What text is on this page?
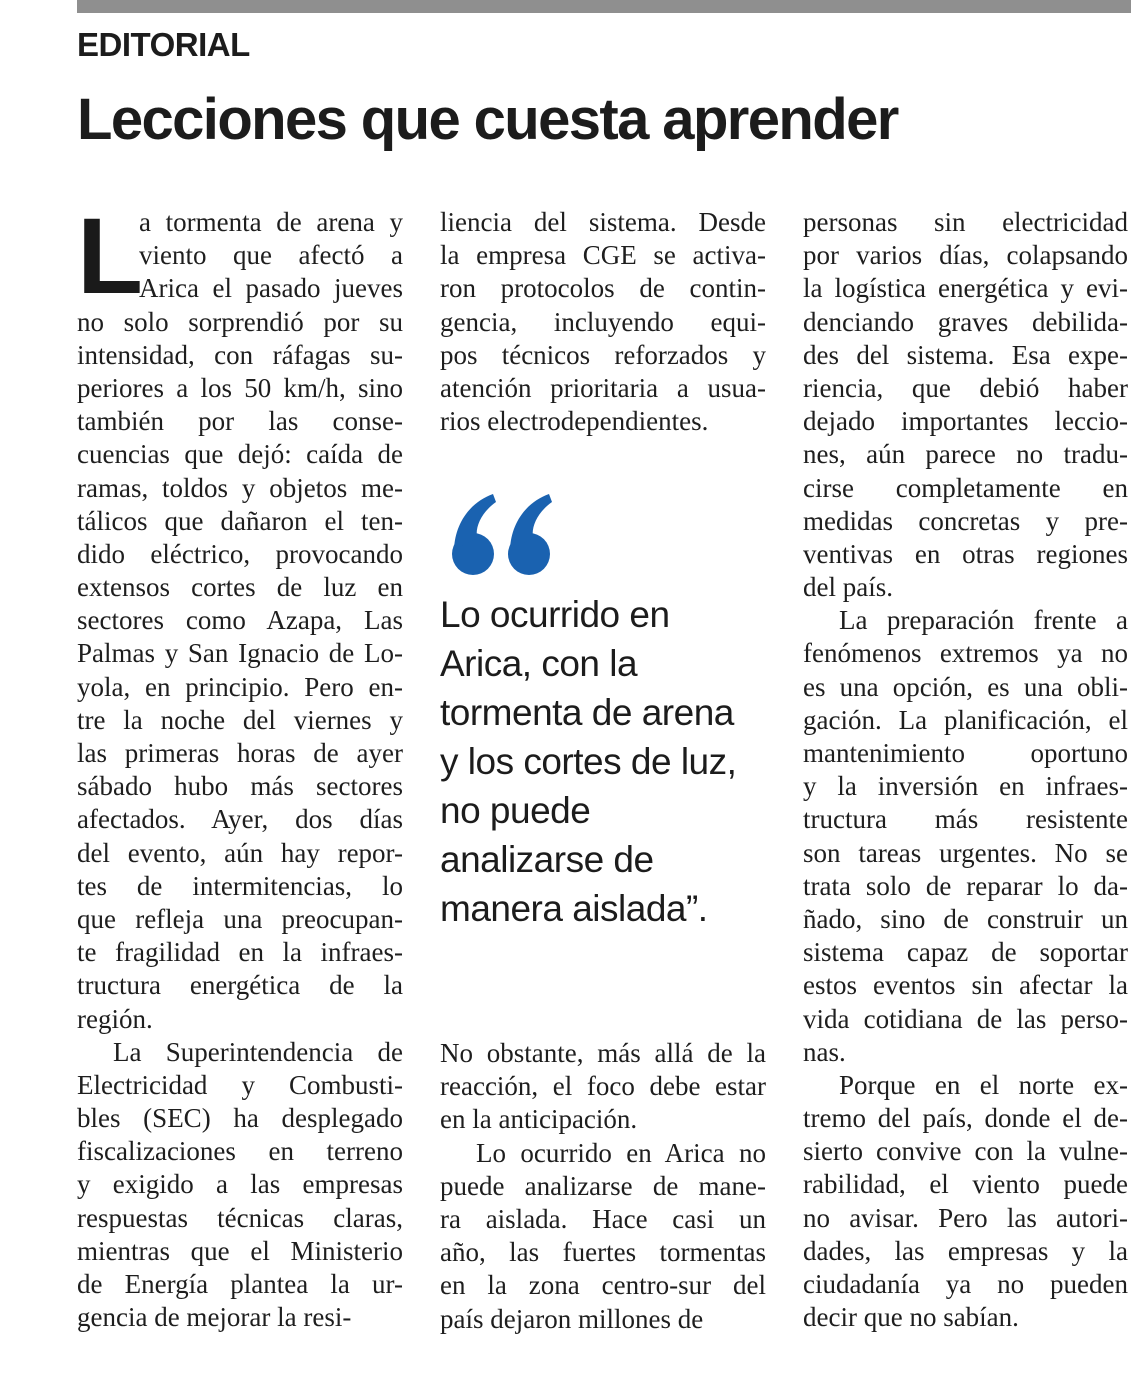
EDITORIAL
Lecciones que cuesta aprender
L
a tormenta de arena y
viento que afectó a
Arica el pasado jueves
no solo sorprendió por su
intensidad, con ráfagas su-
periores a los 50 km/h, sino
también por las conse-
cuencias que dejó: caída de
ramas, toldos y objetos me-
tálicos que dañaron el ten-
dido eléctrico, provocando
extensos cortes de luz en
sectores como Azapa, Las
Palmas y San Ignacio de Lo-
yola, en principio. Pero en-
tre la noche del viernes y
las primeras horas de ayer
sábado hubo más sectores
afectados. Ayer, dos días
del evento, aún hay repor-
tes de intermitencias, lo
que refleja una preocupan-
te fragilidad en la infraes-
tructura energética de la
región.
La Superintendencia de
Electricidad y Combusti-
bles (SEC) ha desplegado
fiscalizaciones en terreno
y exigido a las empresas
respuestas técnicas claras,
mientras que el Ministerio
de Energía plantea la ur-
gencia de mejorar la resi-
liencia del sistema. Desde
la empresa CGE se activa-
ron protocolos de contin-
gencia, incluyendo equi-
pos técnicos reforzados y
atención prioritaria a usua-
rios electrodependientes.
No obstante, más allá de la
reacción, el foco debe estar
en la anticipación.
Lo ocurrido en Arica no
puede analizarse de mane-
ra aislada. Hace casi un
año, las fuertes tormentas
en la zona centro-sur del
país dejaron millones de
personas sin electricidad
por varios días, colapsando
la logística energética y evi-
denciando graves debilida-
des del sistema. Esa expe-
riencia, que debió haber
dejado importantes leccio-
nes, aún parece no tradu-
cirse completamente en
medidas concretas y pre-
ventivas en otras regiones
del país.
La preparación frente a
fenómenos extremos ya no
es una opción, es una obli-
gación. La planificación, el
mantenimiento oportuno
y la inversión en infraes-
tructura más resistente
son tareas urgentes. No se
trata solo de reparar lo da-
ñado, sino de construir un
sistema capaz de soportar
estos eventos sin afectar la
vida cotidiana de las perso-
nas.
Porque en el norte ex-
tremo del país, donde el de-
sierto convive con la vulne-
rabilidad, el viento puede
no avisar. Pero las autori-
dades, las empresas y la
ciudadanía ya no pueden
decir que no sabían.
Lo ocurrido en
Arica, con la
tormenta de arena
y los cortes de luz,
no puede
analizarse de
manera aislada”.
